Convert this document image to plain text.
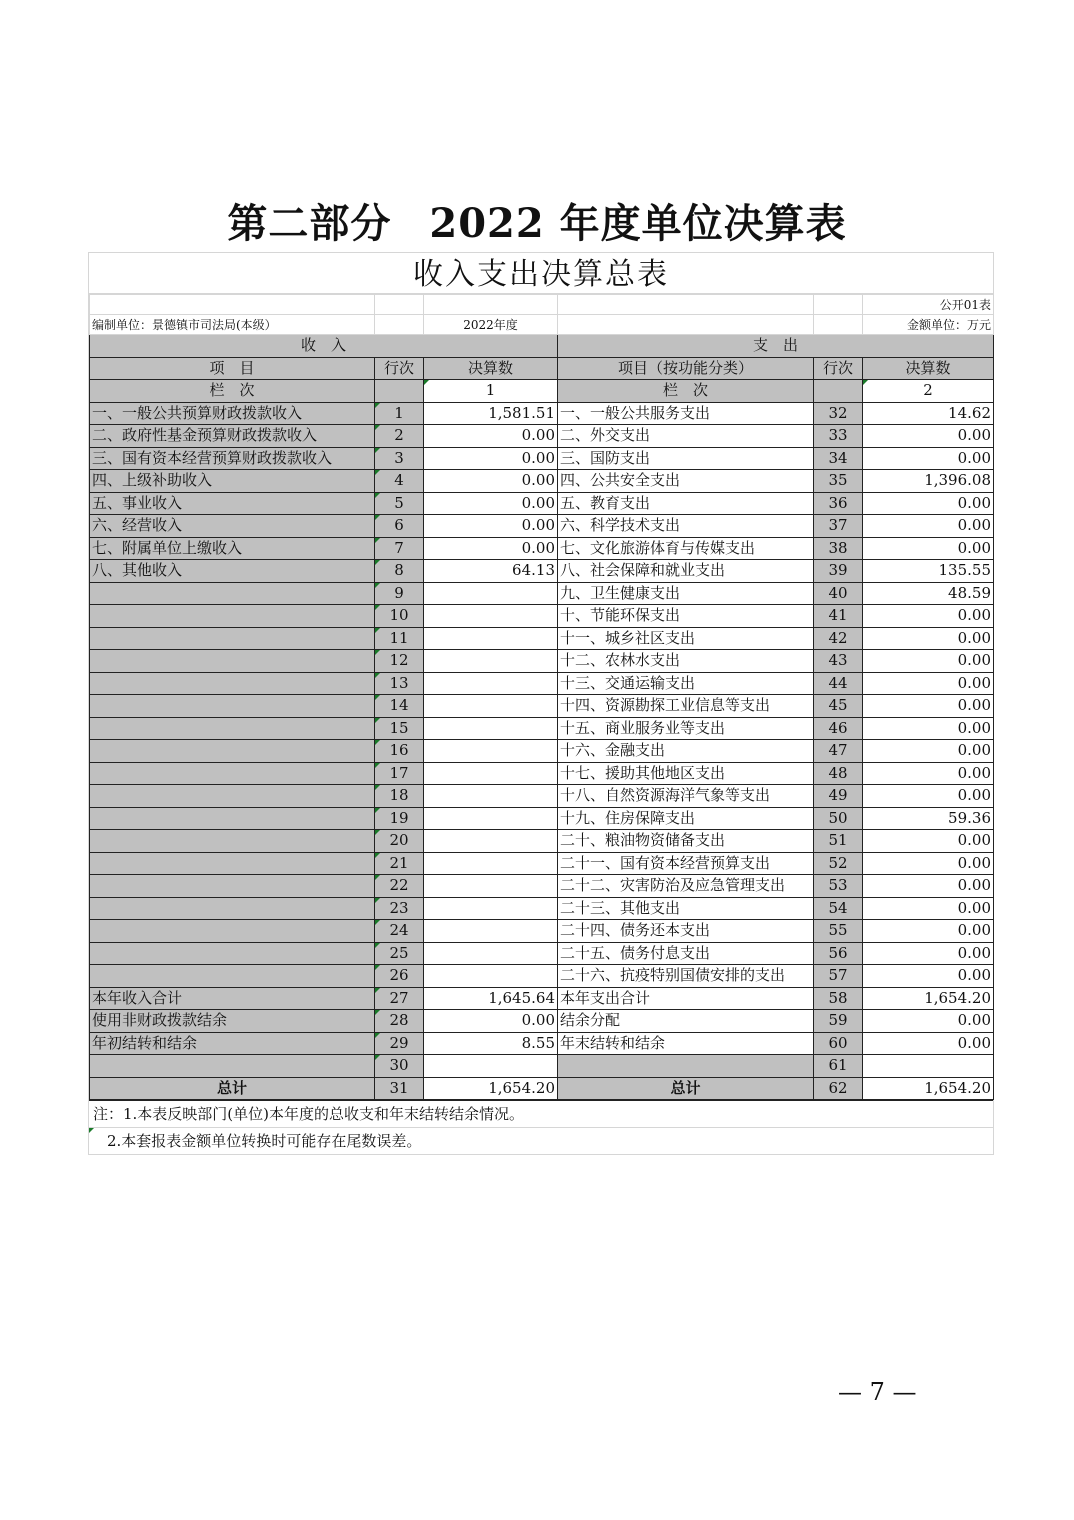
第二部分 2022 年度单位决算表
收入支出决算总表
					公开01表
编制单位：景德镇市司法局(本级）		2022年度			金额单位：万元
收　入			支　出		
项　目	行次	决算数	项目（按功能分类）	行次	决算数
栏　次		1	栏　次		2
一、一般公共预算财政拨款收入	1	1,581.51	一、一般公共服务支出	32	14.62
二、政府性基金预算财政拨款收入	2	0.00	二、外交支出	33	0.00
三、国有资本经营预算财政拨款收入	3	0.00	三、国防支出	34	0.00
四、上级补助收入	4	0.00	四、公共安全支出	35	1,396.08
五、事业收入	5	0.00	五、教育支出	36	0.00
六、经营收入	6	0.00	六、科学技术支出	37	0.00
七、附属单位上缴收入	7	0.00	七、文化旅游体育与传媒支出	38	0.00
八、其他收入	8	64.13	八、社会保障和就业支出	39	135.55
	9		九、卫生健康支出	40	48.59
	10		十、节能环保支出	41	0.00
	11		十一、城乡社区支出	42	0.00
	12		十二、农林水支出	43	0.00
	13		十三、交通运输支出	44	0.00
	14		十四、资源勘探工业信息等支出	45	0.00
	15		十五、商业服务业等支出	46	0.00
	16		十六、金融支出	47	0.00
	17		十七、援助其他地区支出	48	0.00
	18		十八、自然资源海洋气象等支出	49	0.00
	19		十九、住房保障支出	50	59.36
	20		二十、粮油物资储备支出	51	0.00
	21		二十一、国有资本经营预算支出	52	0.00
	22		二十二、灾害防治及应急管理支出	53	0.00
	23		二十三、其他支出	54	0.00
	24		二十四、债务还本支出	55	0.00
	25		二十五、债务付息支出	56	0.00
	26		二十六、抗疫特别国债安排的支出	57	0.00
本年收入合计	27	1,645.64	本年支出合计	58	1,654.20
使用非财政拨款结余	28	0.00	结余分配	59	0.00
年初结转和结余	29	8.55	年末结转和结余	60	0.00
	30			61	
总计	31	1,654.20	总计	62	1,654.20
注：1.本表反映部门(单位)本年度的总收支和年末结转结余情况。
2.本套报表金额单位转换时可能存在尾数误差。
— 7 —
